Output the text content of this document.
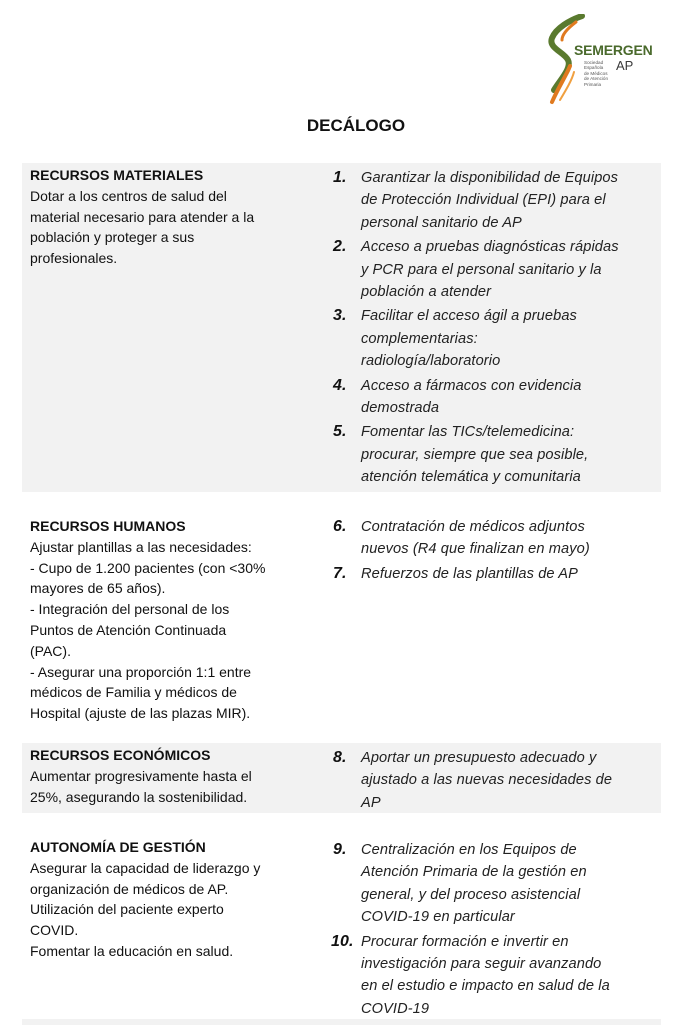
SEMERGEN
AP
Sociedad
Española
de Médicos
de Atención
Primaria
DECÁLOGO
RECURSOS MATERIALES
Dotar a los centros de salud del
material necesario para atender a la
población y proteger a sus
profesionales.
1. Garantizar la disponibilidad de Equipos
de Protección Individual (EPI) para el
personal sanitario de AP
2. Acceso a pruebas diagnósticas rápidas
y PCR para el personal sanitario y la
población a atender
3. Facilitar el acceso ágil a pruebas
complementarias:
radiología/laboratorio
4. Acceso a fármacos con evidencia
demostrada
5. Fomentar las TICs/telemedicina:
procurar, siempre que sea posible,
atención telemática y comunitaria
RECURSOS HUMANOS
Ajustar plantillas a las necesidades:
- Cupo de 1.200 pacientes (con <30%
mayores de 65 años).
- Integración del personal de los
Puntos de Atención Continuada
(PAC).
- Asegurar una proporción 1:1 entre
médicos de Familia y médicos de
Hospital (ajuste de las plazas MIR).
6. Contratación de médicos adjuntos
nuevos (R4 que finalizan en mayo)
7. Refuerzos de las plantillas de AP
RECURSOS ECONÓMICOS
Aumentar progresivamente hasta el
25%, asegurando la sostenibilidad.
8. Aportar un presupuesto adecuado y
ajustado a las nuevas necesidades de
AP
AUTONOMÍA DE GESTIÓN
Asegurar la capacidad de liderazgo y
organización de médicos de AP.
Utilización del paciente experto
COVID.
Fomentar la educación en salud.
9. Centralización en los Equipos de
Atención Primaria de la gestión en
general, y del proceso asistencial
COVID-19 en particular
10. Procurar formación e invertir en
investigación para seguir avanzando
en el estudio e impacto en salud de la
COVID-19
